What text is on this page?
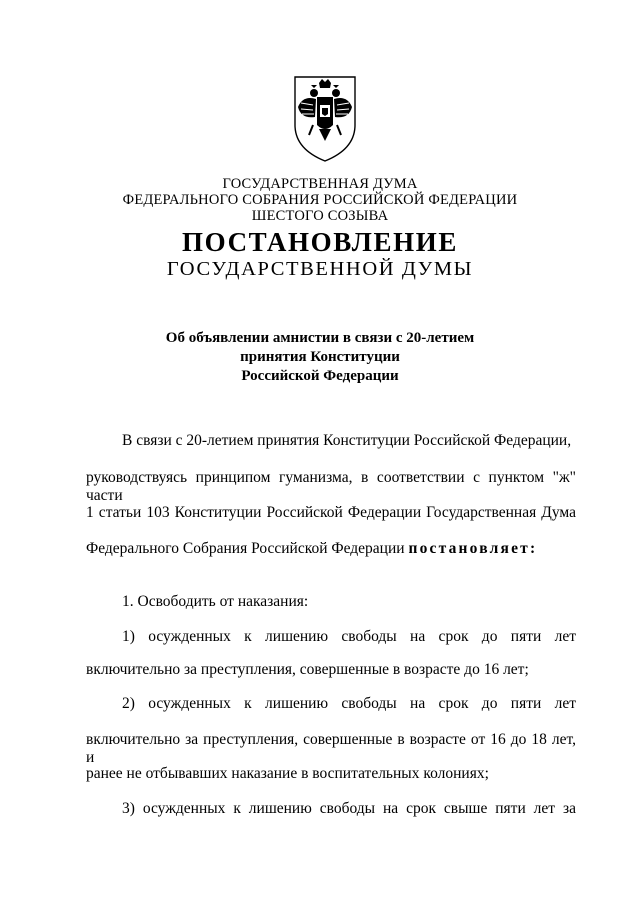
ГОСУДАРСТВЕННАЯ ДУМА
ФЕДЕРАЛЬНОГО СОБРАНИЯ РОССИЙСКОЙ ФЕДЕРАЦИИ
ШЕСТОГО СОЗЫВА
ПОСТАНОВЛЕНИЕ
ГОСУДАРСТВЕННОЙ ДУМЫ
Об объявлении амнистии в связи с 20-летием
принятия Конституции
Российской Федерации
В связи с 20-летием принятия Конституции Российской Федерации,
руководствуясь принципом гуманизма, в соответствии с пунктом "ж" части
1 статьи 103 Конституции Российской Федерации Государственная Дума
Федерального Собрания Российской Федерации постановляет:
1. Освободить от наказания:
1) осужденных к лишению свободы на срок до пяти лет
включительно за преступления, совершенные в возрасте до 16 лет;
2) осужденных к лишению свободы на срок до пяти лет
включительно за преступления, совершенные в возрасте от 16 до 18 лет, и
ранее не отбывавших наказание в воспитательных колониях;
3) осужденных к лишению свободы на срок свыше пяти лет за
